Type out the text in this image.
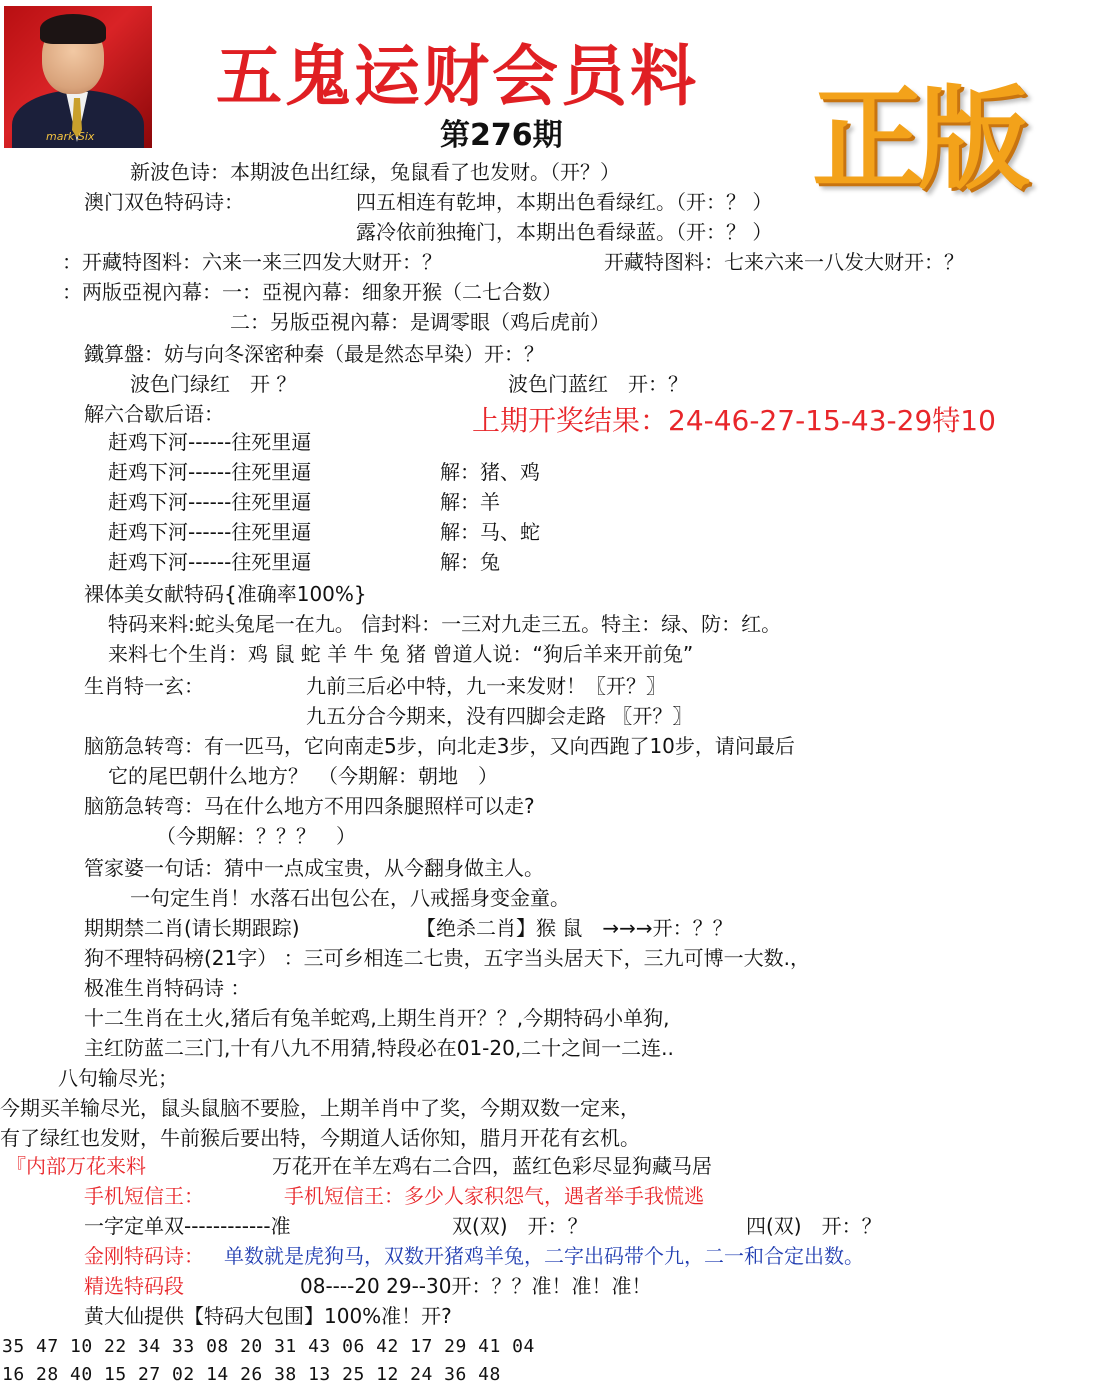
mark Six
五鬼运财会员料
第276期 正版
上期开奖结果：24-46-27-15-43-29特10
新波色诗：本期波色出红绿，兔鼠看了也发财。（开？）
澳门双色特码诗：	四五相连有乾坤，本期出色看绿红。（开：？ ）
露冷依前独掩门，本期出色看绿蓝。（开：？ ）
：开藏特图料：六来一来三四发大财开：？	开藏特图料：七来六来一八发大财开：？
：两版亞視內幕：一：亞視內幕：细象开猴（二七合数）
二：另版亞視內幕：是调零眼（鸡后虎前）
鐵算盤：妨与向冬深密种秦（最是然态早染）开：？
波色门绿红　开 ？	波色门蓝红　开：？
解六合歇后语：
赶鸡下河------往死里逼
赶鸡下河------往死里逼	解：猪、鸡
赶鸡下河------往死里逼	解：羊
赶鸡下河------往死里逼	解：马、蛇
赶鸡下河------往死里逼	解：兔
裸体美女献特码{准确率100%}
特码来料:蛇头兔尾一在九。 信封料：一三对九走三五。特主：绿、防：红。
来料七个生肖：鸡 鼠 蛇 羊 牛 兔 猪 曾道人说：“狗后羊来开前兔”
生肖特一玄：	九前三后必中特，九一来发财！〖开？〗
九五分合今期来，没有四脚会走路 〖开？〗
脑筋急转弯：有一匹马，它向南走5步，向北走3步，又向西跑了10步，请问最后
它的尾巴朝什么地方？　（今期解：朝地　）
脑筋急转弯：马在什么地方不用四条腿照样可以走?
（今期解：？？？　）
管家婆一句话：猜中一点成宝贵，从今翻身做主人。
一句定生肖！水落石出包公在，八戒摇身变金童。
期期禁二肖(请长期跟踪)	【绝杀二肖】猴 鼠　→→→开：？？
狗不理特码榜(21字） ：三可乡相连二七贵，五字当头居天下，三九可博一大数.，
极准生肖特码诗 ：
十二生肖在土火,猪后有兔羊蛇鸡,上期生肖开？？,今期特码小单狗,
主红防蓝二三门,十有八九不用猜,特段必在01-20,二十之间一二连..
八句输尽光；
今期买羊输尽光，鼠头鼠脑不要脸，上期羊肖中了奖，今期双数一定来，
有了绿红也发财，牛前猴后要出特，今期道人话你知，腊月开花有玄机。
『内部万花来料	万花开在羊左鸡右二合四，蓝红色彩尽显狗藏马居
手机短信王：	手机短信王：多少人家积怨气，遇者举手我慌逃
一字定单双------------准	双(双)　开：？	四(双)　开：？
金刚特码诗： 单数就是虎狗马，双数开猪鸡羊兔，二字出码带个九，二一和合定出数。
精选特码段	08----20 29--30开：？？准！准！准！
黄大仙提供【特码大包围】100%准！开?
35 47 10 22 34 33 08 20 31 43 06 42 17 29 41 04
16 28 40 15 27 02 14 26 38 13 25 12 24 36 48
